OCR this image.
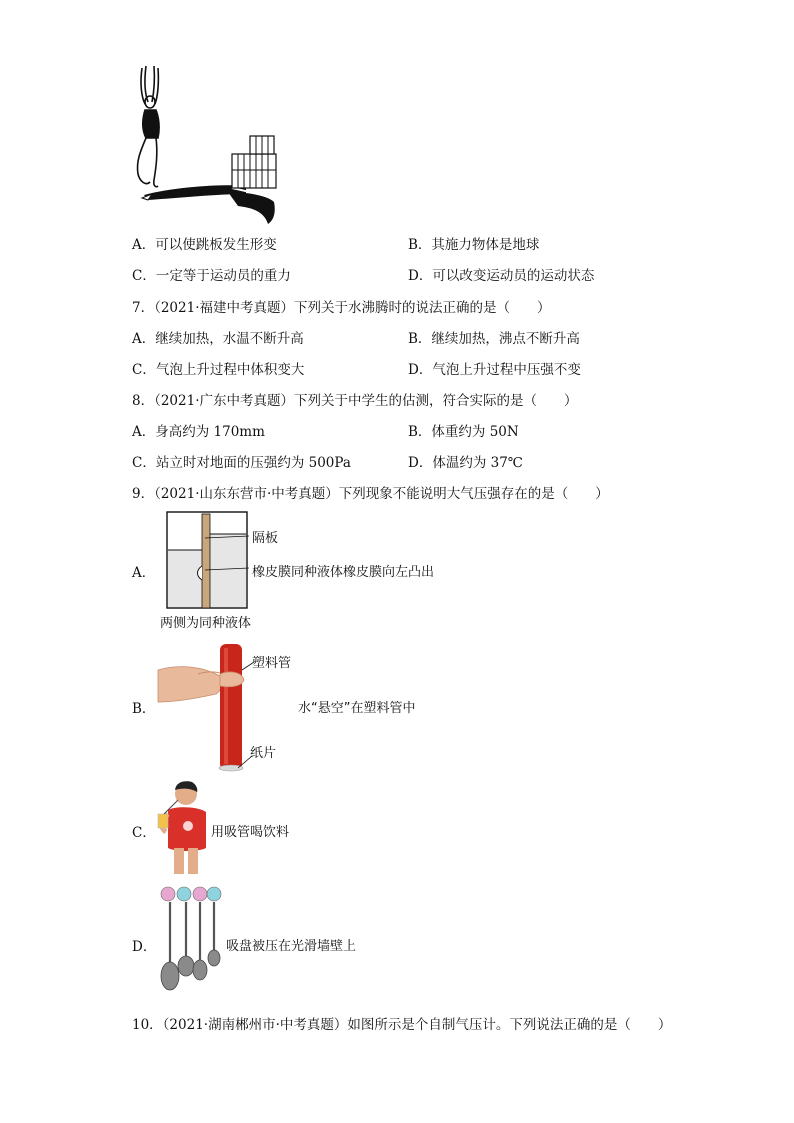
A．可以使跳板发生形变	B．其施力物体是地球
C．一定等于运动员的重力	D．可以改变运动员的运动状态
7．（2021·福建中考真题）下列关于水沸腾时的说法正确的是（　　）
A．继续加热，水温不断升高	B．继续加热，沸点不断升高
C．气泡上升过程中体积变大	D．气泡上升过程中压强不变
8．（2021·广东中考真题）下列关于中学生的估测，符合实际的是（　　）
A．身高约为 170mm	B．体重约为 50N
C．站立时对地面的压强约为 500Pa	D．体温约为 37℃
9．（2021·山东东营市·中考真题）下列现象不能说明大气压强存在的是（　　）
A．
隔板
橡皮膜同种液体橡皮膜向左凸出
两侧为同种液体
B．
塑料管
纸片
水“悬空”在塑料管中
C．	用吸管喝饮料
D．	吸盘被压在光滑墙壁上
10．（2021·湖南郴州市·中考真题）如图所示是个自制气压计。下列说法正确的是（　　）
